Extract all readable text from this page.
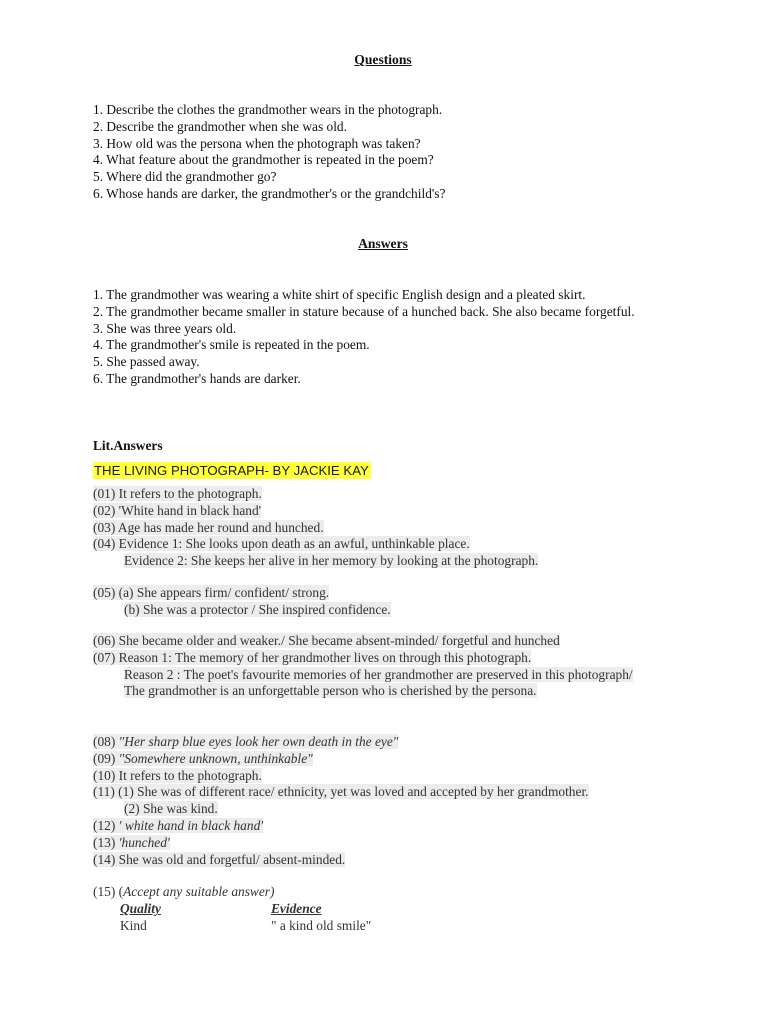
Questions
1. Describe the clothes the grandmother wears in the photograph.
2. Describe the grandmother when she was old.
3. How old was the persona when the photograph was taken?
4. What feature about the grandmother is repeated in the poem?
5. Where did the grandmother go?
6. Whose hands are darker, the grandmother's or the grandchild's?
Answers
1. The grandmother was wearing a white shirt of specific English design and a pleated skirt.
2. The grandmother became smaller in stature because of a hunched back. She also became forgetful.
3. She was three years old.
4. The grandmother's smile is repeated in the poem.
5. She passed away.
6. The grandmother's hands are darker.
Lit.Answers
THE LIVING PHOTOGRAPH- BY JACKIE KAY
(01) It refers to the photograph.
(02) 'White hand in black hand'
(03) Age has made her round and hunched.
(04) Evidence 1: She looks upon death as an awful, unthinkable place.
Evidence 2: She keeps her alive in her memory by looking at the photograph.
(05) (a) She appears firm/ confident/ strong.
(b) She was a protector / She inspired confidence.
(06) She became older and weaker./ She became absent-minded/ forgetful and hunched
(07) Reason 1: The memory of her grandmother lives on through this photograph.
Reason 2 : The poet's favourite memories of her grandmother are preserved in this photograph/
The grandmother is an unforgettable person who is cherished by the persona.
(08) "Her sharp blue eyes look her own death in the eye"
(09) "Somewhere unknown, unthinkable"
(10) It refers to the photograph.
(11) (1) She was of different race/ ethnicity, yet was loved and accepted by her grandmother.
(2) She was kind.
(12) ' white hand in black hand'
(13) 'hunched'
(14) She was old and forgetful/ absent-minded.
(15) (Accept any suitable answer)
Quality	Evidence
Kind	" a kind old smile"
